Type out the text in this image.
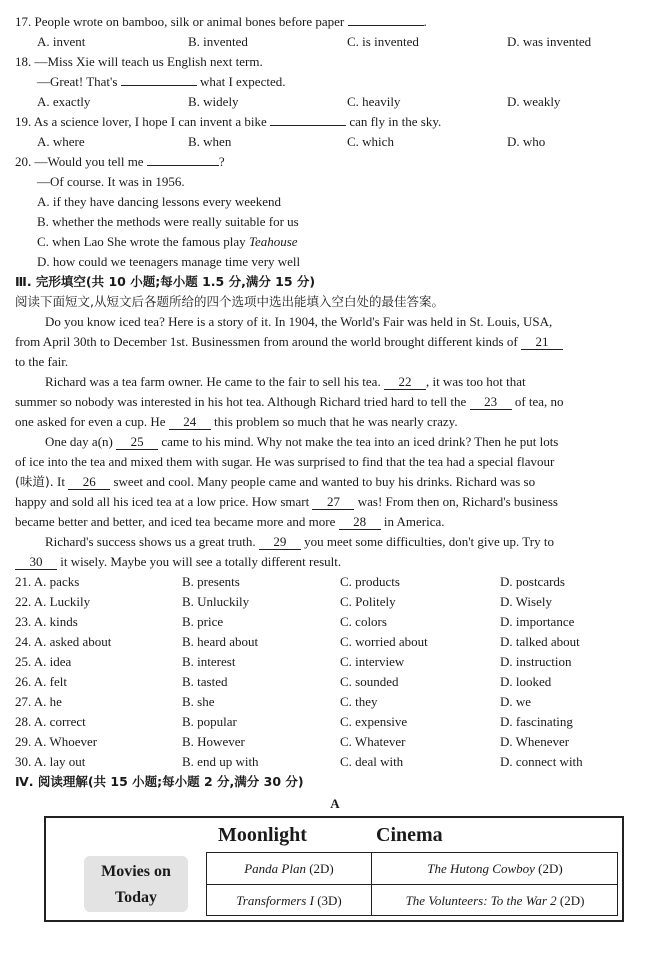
17. People wrote on bamboo, silk or animal bones before paper	.
A. invent	B. invented	C. is invented	D. was invented
18. —Miss Xie will teach us English next term.
—Great! That's	what I expected.
A. exactly	B. widely	C. heavily	D. weakly
19. As a science lover, I hope I can invent a bike	can fly in the sky.
A. where	B. when	C. which	D. who
20. —Would you tell me	?
—Of course. It was in 1956.
A. if they have dancing lessons every weekend
B. whether the methods were really suitable for us
C. when Lao She wrote the famous play Teahouse
D. how could we teenagers manage time very well
Ⅲ. 完形填空(共 10 小题;每小题 1.5 分,满分 15 分)
阅读下面短文,从短文后各题所给的四个选项中选出能填入空白处的最佳答案。
Do you know iced tea? Here is a story of it. In 1904, the World's Fair was held in St. Louis, USA,
from April 30th to December 1st. Businessmen from around the world brought different kinds of 21
to the fair.
Richard was a tea farm owner. He came to the fair to sell his tea. 22 , it was too hot that
summer so nobody was interested in his hot tea. Although Richard tried hard to tell the 23 of tea, no
one asked for even a cup. He 24 this problem so much that he was nearly crazy.
One day a(n) 25 came to his mind. Why not make the tea into an iced drink? Then he put lots
of ice into the tea and mixed them with sugar. He was surprised to find that the tea had a special flavour
(味道). It 26 sweet and cool. Many people came and wanted to buy his drinks. Richard was so
happy and sold all his iced tea at a low price. How smart 27 was! From then on, Richard's business
became better and better, and iced tea became more and more 28 in America.
Richard's success shows us a great truth. 29 you meet some difficulties, don't give up. Try to
30 it wisely. Maybe you will see a totally different result.
21. A. packs	B. presents	C. products	D. postcards
22. A. Luckily	B. Unluckily	C. Politely	D. Wisely
23. A. kinds	B. price	C. colors	D. importance
24. A. asked about	B. heard about	C. worried about	D. talked about
25. A. idea	B. interest	C. interview	D. instruction
26. A. felt	B. tasted	C. sounded	D. looked
27. A. he	B. she	C. they	D. we
28. A. correct	B. popular	C. expensive	D. fascinating
29. A. Whoever	B. However	C. Whatever	D. Whenever
30. A. lay out	B. end up with	C. deal with	D. connect with
Ⅳ. 阅读理解(共 15 小题;每小题 2 分,满分 30 分)
A
Moonlight	Cinema
Movies on
Today
Panda Plan (2D)	The Hutong Cowboy (2D)
Transformers I (3D)	The Volunteers: To the War 2 (2D)
